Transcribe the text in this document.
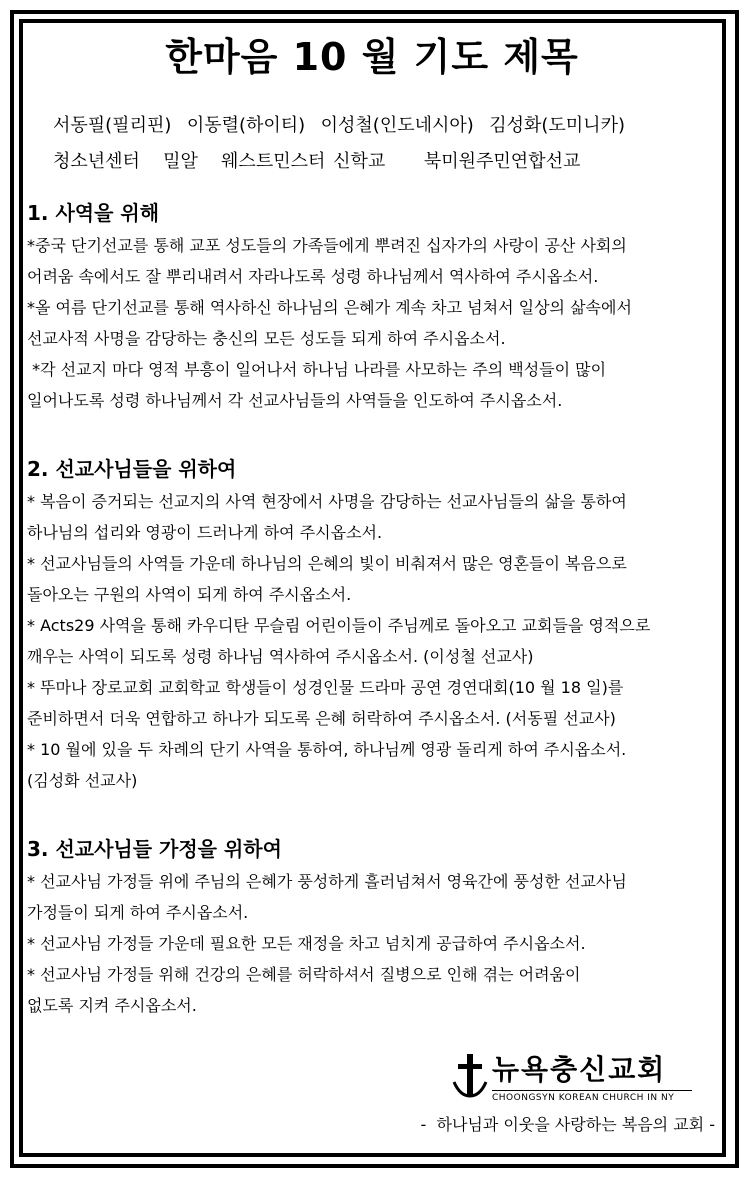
한마음 10 월 기도 제목
서동필(필리핀)  이동렬(하이티)  이성철(인도네시아)  김성화(도미니카)
청소년센터   밀알   웨스트민스터 신학교     북미원주민연합선교
1. 사역을 위해
*중국 단기선교를 통해 교포 성도들의 가족들에게 뿌려진 십자가의 사랑이 공산 사회의
어려움 속에서도 잘 뿌리내려서 자라나도록 성령 하나님께서 역사하여 주시옵소서.
*올 여름 단기선교를 통해 역사하신 하나님의 은혜가 계속 차고 넘쳐서 일상의 삶속에서
선교사적 사명을 감당하는 충신의 모든 성도들 되게 하여 주시옵소서.
*각 선교지 마다 영적 부흥이 일어나서 하나님 나라를 사모하는 주의 백성들이 많이
일어나도록 성령 하나님께서 각 선교사님들의 사역들을 인도하여 주시옵소서.
2. 선교사님들을 위하여
* 복음이 증거되는 선교지의 사역 현장에서 사명을 감당하는 선교사님들의 삶을 통하여
하나님의 섭리와 영광이 드러나게 하여 주시옵소서.
* 선교사님들의 사역들 가운데 하나님의 은혜의 빛이 비춰져서 많은 영혼들이 복음으로
돌아오는 구원의 사역이 되게 하여 주시옵소서.
* Acts29 사역을 통해 카우디탄 무슬림 어린이들이 주님께로 돌아오고 교회들을 영적으로
깨우는 사역이 되도록 성령 하나님 역사하여 주시옵소서. (이성철 선교사)
* 뚜마나 장로교회 교회학교 학생들이 성경인물 드라마 공연 경연대회(10 월 18 일)를
준비하면서 더욱 연합하고 하나가 되도록 은혜 허락하여 주시옵소서. (서동필 선교사)
* 10 월에 있을 두 차례의 단기 사역을 통하여, 하나님께 영광 돌리게 하여 주시옵소서.
(김성화 선교사)
3. 선교사님들 가정을 위하여
* 선교사님 가정들 위에 주님의 은혜가 풍성하게 흘러넘쳐서 영육간에 풍성한 선교사님
가정들이 되게 하여 주시옵소서.
* 선교사님 가정들 가운데 필요한 모든 재정을 차고 넘치게 공급하여 주시옵소서.
* 선교사님 가정들 위해 건강의 은혜를 허락하셔서 질병으로 인해 겪는 어려움이
없도록 지켜 주시옵소서.
뉴욕충신교회
CHOONGSYN KOREAN CHURCH IN NY
-  하나님과 이웃을 사랑하는 복음의 교회 -
